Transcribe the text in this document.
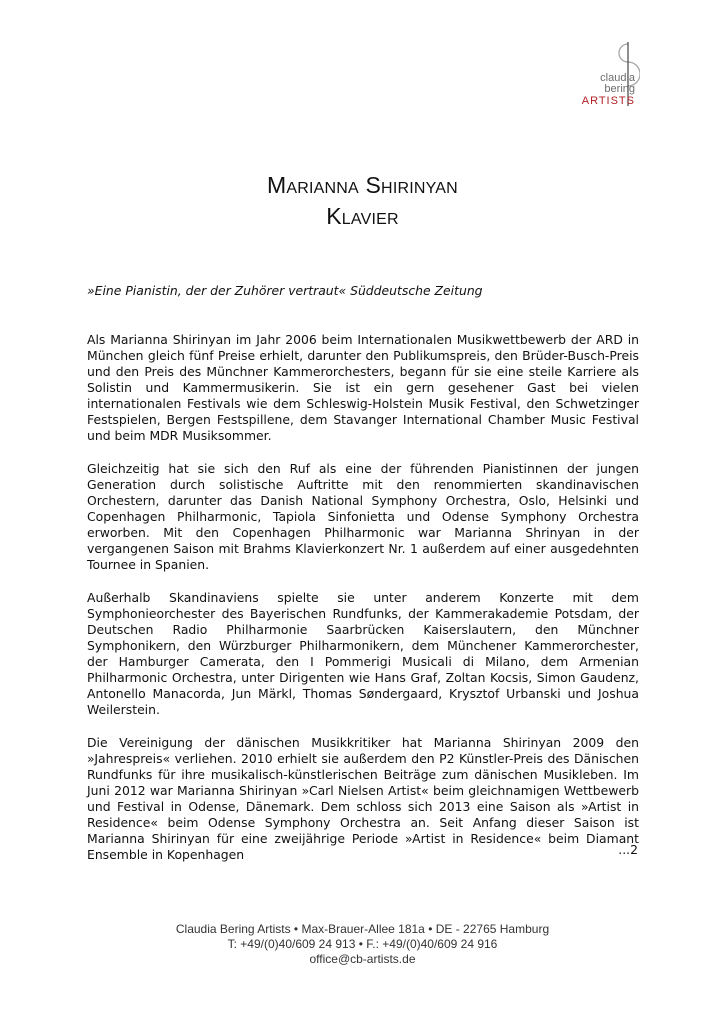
claudia
bering
ARTISTS
Marianna Shirinyan
Klavier

»Eine Pianistin, der der Zuhörer vertraut« Süddeutsche Zeitung

Als Marianna Shirinyan im Jahr 2006 beim Internationalen Musikwettbewerb der ARD in München gleich fünf Preise erhielt, darunter den Publikumspreis, den Brüder-Busch-Preis und den Preis des Münchner Kammerorchesters, begann für sie eine steile Karriere als Solistin und Kammermusikerin. Sie ist ein gern gesehener Gast bei vielen internationalen Festivals wie dem Schleswig-Holstein Musik Festival, den Schwetzinger Festspielen, Bergen Festspillene, dem Stavanger International Chamber Music Festival und beim MDR Musiksommer.

Gleichzeitig hat sie sich den Ruf als eine der führenden Pianistinnen der jungen Generation durch solistische Auftritte mit den renommierten skandinavischen Orchestern, darunter das Danish National Symphony Orchestra, Oslo, Helsinki und Copenhagen Philharmonic, Tapiola Sinfonietta und Odense Symphony Orchestra erworben. Mit den Copenhagen Philharmonic war Marianna Shrinyan in der vergangenen Saison mit Brahms Klavierkonzert Nr. 1 außerdem auf einer ausgedehnten Tournee in Spanien.

Außerhalb Skandinaviens spielte sie unter anderem Konzerte mit dem Symphonieorchester des Bayerischen Rundfunks, der Kammerakademie Potsdam, der Deutschen Radio Philharmonie Saarbrücken Kaiserslautern, den Münchner Symphonikern, den Würzburger Philharmonikern, dem Münchener Kammerorchester, der Hamburger Camerata, den I Pommerigi Musicali di Milano, dem Armenian Philharmonic Orchestra, unter Dirigenten wie Hans Graf, Zoltan Kocsis, Simon Gaudenz, Antonello Manacorda, Jun Märkl, Thomas Søndergaard, Krysztof Urbanski und Joshua Weilerstein.

Die Vereinigung der dänischen Musikkritiker hat Marianna Shirinyan 2009 den »Jahrespreis« verliehen. 2010 erhielt sie außerdem den P2 Künstler-Preis des Dänischen Rundfunks für ihre musikalisch-künstlerischen Beiträge zum dänischen Musikleben. Im Juni 2012 war Marianna Shirinyan »Carl Nielsen Artist« beim gleichnamigen Wettbewerb und Festival in Odense, Dänemark. Dem schloss sich 2013 eine Saison als »Artist in Residence« beim Odense Symphony Orchestra an. Seit Anfang dieser Saison ist Marianna Shirinyan für eine zweijährige Periode »Artist in Residence« beim Diamant Ensemble in Kopenhagen	...2
Claudia Bering Artists • Max-Brauer-Allee 181a • DE - 22765 Hamburg
T: +49/(0)40/609 24 913 • F.: +49/(0)40/609 24 916
office@cb-artists.de
